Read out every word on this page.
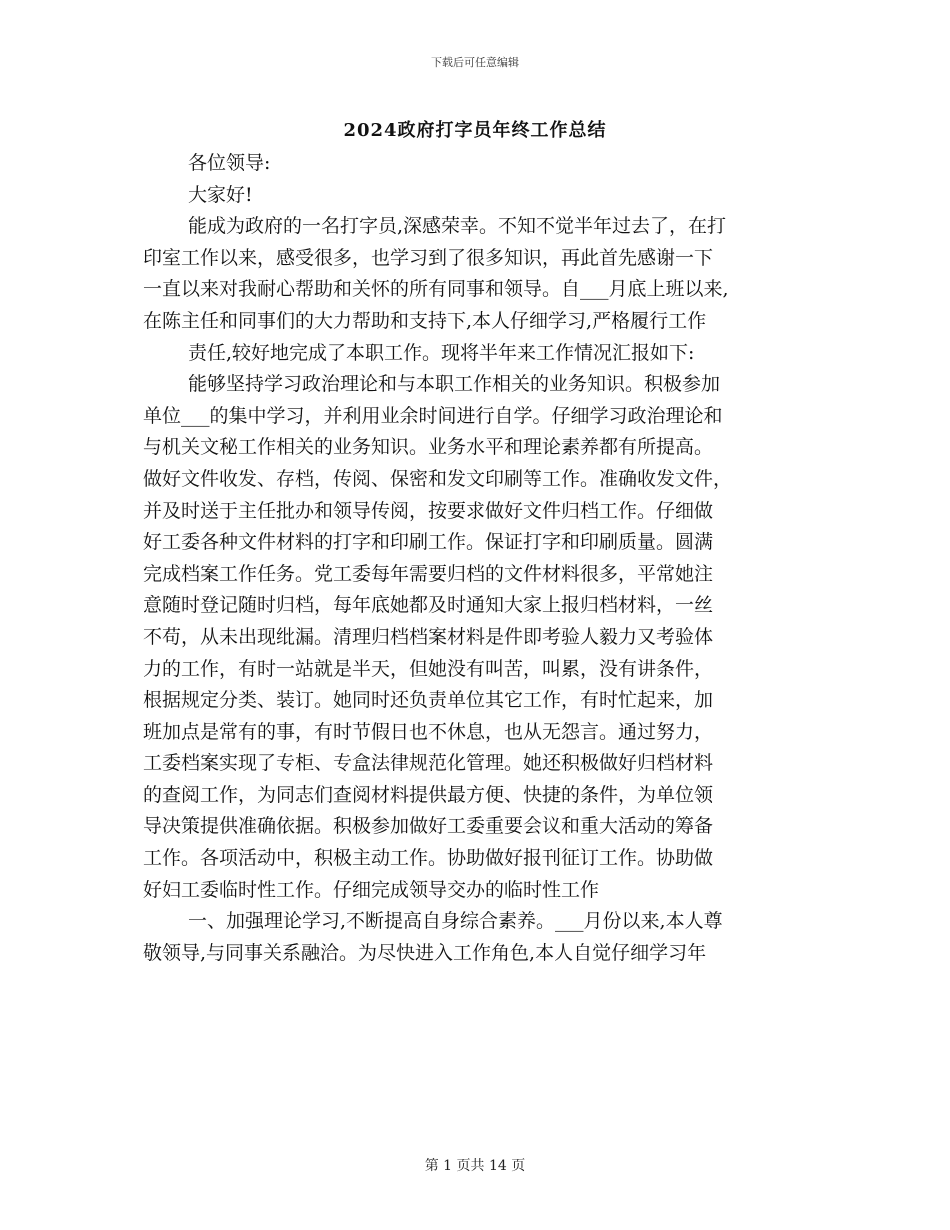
下载后可任意编辑
2024政府打字员年终工作总结
各位领导:
大家好!
能成为政府的一名打字员,深感荣幸。不知不觉半年过去了，在打
印室工作以来，感受很多，也学习到了很多知识，再此首先感谢一下
一直以来对我耐心帮助和关怀的所有同事和领导。自___月底上班以来,
在陈主任和同事们的大力帮助和支持下,本人仔细学习,严格履行工作
责任,较好地完成了本职工作。现将半年来工作情况汇报如下:
能够坚持学习政治理论和与本职工作相关的业务知识。积极参加
单位___的集中学习，并利用业余时间进行自学。仔细学习政治理论和
与机关文秘工作相关的业务知识。业务水平和理论素养都有所提高。
做好文件收发、存档，传阅、保密和发文印刷等工作。准确收发文件，
并及时送于主任批办和领导传阅，按要求做好文件归档工作。仔细做
好工委各种文件材料的打字和印刷工作。保证打字和印刷质量。圆满
完成档案工作任务。党工委每年需要归档的文件材料很多，平常她注
意随时登记随时归档，每年底她都及时通知大家上报归档材料，一丝
不苟，从未出现纰漏。清理归档档案材料是件即考验人毅力又考验体
力的工作，有时一站就是半天，但她没有叫苦，叫累，没有讲条件，
根据规定分类、装订。她同时还负责单位其它工作，有时忙起来，加
班加点是常有的事，有时节假日也不休息，也从无怨言。通过努力，
工委档案实现了专柜、专盒法律规范化管理。她还积极做好归档材料
的查阅工作，为同志们查阅材料提供最方便、快捷的条件，为单位领
导决策提供准确依据。积极参加做好工委重要会议和重大活动的筹备
工作。各项活动中，积极主动工作。协助做好报刊征订工作。协助做
好妇工委临时性工作。仔细完成领导交办的临时性工作
一、加强理论学习,不断提高自身综合素养。___月份以来,本人尊
敬领导,与同事关系融洽。为尽快进入工作角色,本人自觉仔细学习年
第 1 页共 14 页
